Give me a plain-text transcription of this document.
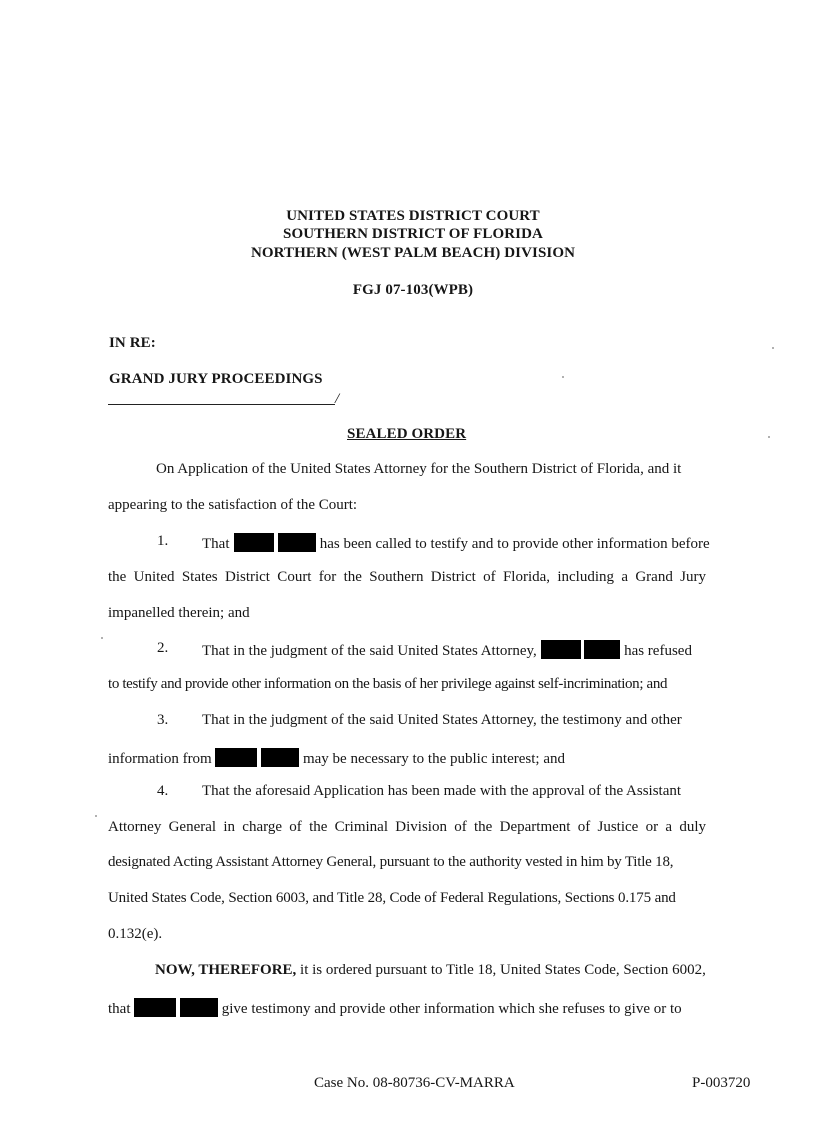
UNITED STATES DISTRICT COURT
SOUTHERN DISTRICT OF FLORIDA
NORTHERN (WEST PALM BEACH) DIVISION
FGJ 07-103(WPB)
IN RE:
GRAND JURY PROCEEDINGS
/
SEALED ORDER
On Application of the United States Attorney for the Southern District of Florida, and it
appearing to the satisfaction of the Court:
1. That	has been called to testify and to provide other information before
the United States District Court for the Southern District of Florida, including a Grand Jury
impanelled therein; and
2. That in the judgment of the said United States Attorney,	has refused
to testify and provide other information on the basis of her privilege against self-incrimination; and
3. That in the judgment of the said United States Attorney, the testimony and other
information from	may be necessary to the public interest; and
4. That the aforesaid Application has been made with the approval of the Assistant
Attorney General in charge of the Criminal Division of the Department of Justice or a duly
designated Acting Assistant Attorney General, pursuant to the authority vested in him by Title 18,
United States Code, Section 6003, and Title 28, Code of Federal Regulations, Sections 0.175 and
0.132(e).
NOW, THEREFORE, it is ordered pursuant to Title 18, United States Code, Section 6002,
that	give testimony and provide other information which she refuses to give or to
Case No. 08-80736-CV-MARRA	P-003720
